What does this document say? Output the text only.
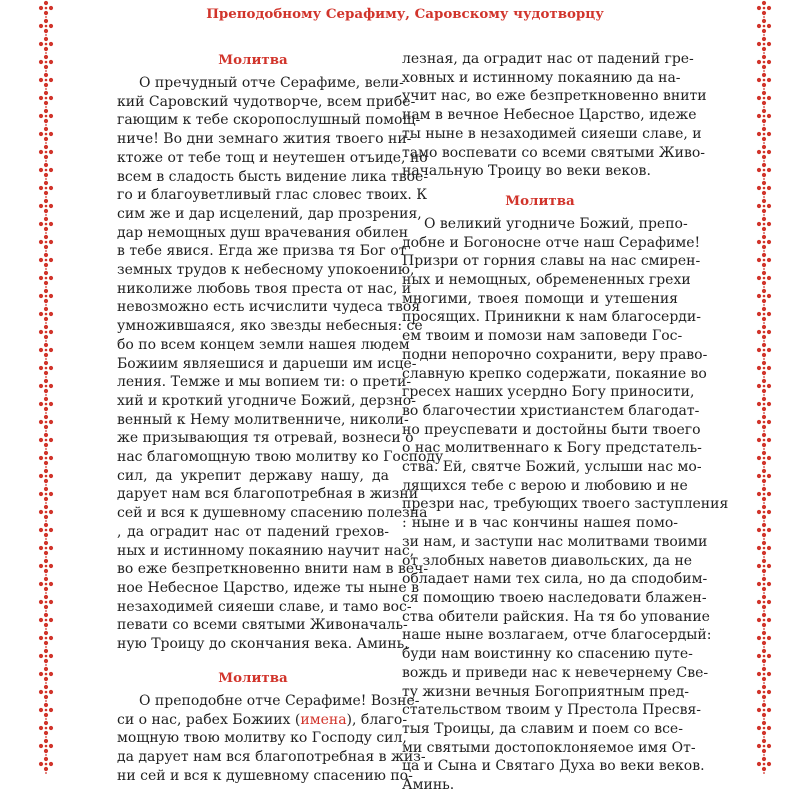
Преподобному Серафиму, Саровскому чудотворцу
Молитва
О пречудный отче Серафиме, вели-
кий Саровский чудотворче, всем прибе-
гающим к тебе скоропослушный помощ-
ниче! Во дни земнаго жития твоего ни-
ктоже от тебе тощ и неутешен отъиде, но
всем в сладость бысть видение лика твое-
го и благоуветливый глас словес твоих. К
сим же и дар исцелений, дар прозрения,
дар немощных душ врачевания обилен
в тебе явися. Егда же призва тя Бог от
земных трудов к небесному упокоению,
николиже любовь твоя преста от нас, и
невозможно есть исчислити чудеса твоя
умножившаяся, яко звезды небесныя: се
бо по всем концем земли нашея людем
Божиим являешися и дарueши им исце-
ления. Темже и мы вопием ти: о прети-
хий и кроткий угодниче Божий, дерзно-
венный к Нему молитвенниче, николи-
же призывающия тя отревай, вознеси о
нас благомощную твою молитву ко Господу
сил, да укрепит державу нашу, да
дарует нам вся благопотребная в жизни
сей и вся к душевному спасению полезна
, да оградит нас от падений грехов-
ных и истинному покаянию научит нас,
во еже безпреткновенно внити нам в веч-
ное Небесное Царство, идеже ты ныне в
незаходимей сияеши славе, и тамо вос-
певати со всеми святыми Живоначаль-
ную Троицу до скончания века. Аминь.
Молитва
О преподобне отче Серафиме! Возне-
си о нас, рабех Божиих (имена), благо-
мощную твою молитву ко Господу сил,
да дарует нам вся благопотребная в жиз-
ни сей и вся к душевному спасению по-
лезная, да оградит нас от падений гре-
ховных и истинному покаянию да на-
учит нас, во еже безпреткновенно внити
нам в вечное Небесное Царство, идеже
ты ныне в незаходимей сияеши славе, и
тамо воспевати со всеми святыми Живо-
начальную Троицу во веки веков.
Молитва
О великий угодниче Божий, препо-
добне и Богоносне отче наш Серафиме!
Призри от горния славы на нас смирен-
ных и немощных, обремененных грехи
многими, твоея помощи и утешения
просящих. Приникни к нам благосерди-
ем твоим и помози нам заповеди Гос-
подни непорочно сохранити, веру право-
славную крепко содержати, покаяние во
гресех наших усердно Богу приносити,
во благочестии христианстем благодат-
но преуспевати и достойны быти твоего
о нас молитвеннаго к Богу предстатель-
ства. Ей, святче Божий, услыши нас мо-
лящихся тебе с верою и любовию и не
презри нас, требующих твоего заступления
: ныне и в час кончины нашея помо-
зи нам, и заступи нас молитвами твоими
от злобных наветов диавольских, да не
обладает нами тех сила, но да сподобим-
ся помощию твоею наследовати блажен-
ства обители райския. На тя бо упование
наше ныне возлагаем, отче благосердый:
буди нам воистинну ко спасению путе-
вождь и приведи нас к невечернему Све-
ту жизни вечныя Богоприятным пред-
стательством твоим у Престола Пресвя-
тыя Троицы, да славим и поем со все-
ми святыми достопоклоняемое имя От-
ца и Сына и Святаго Духа во веки веков.
Аминь.
